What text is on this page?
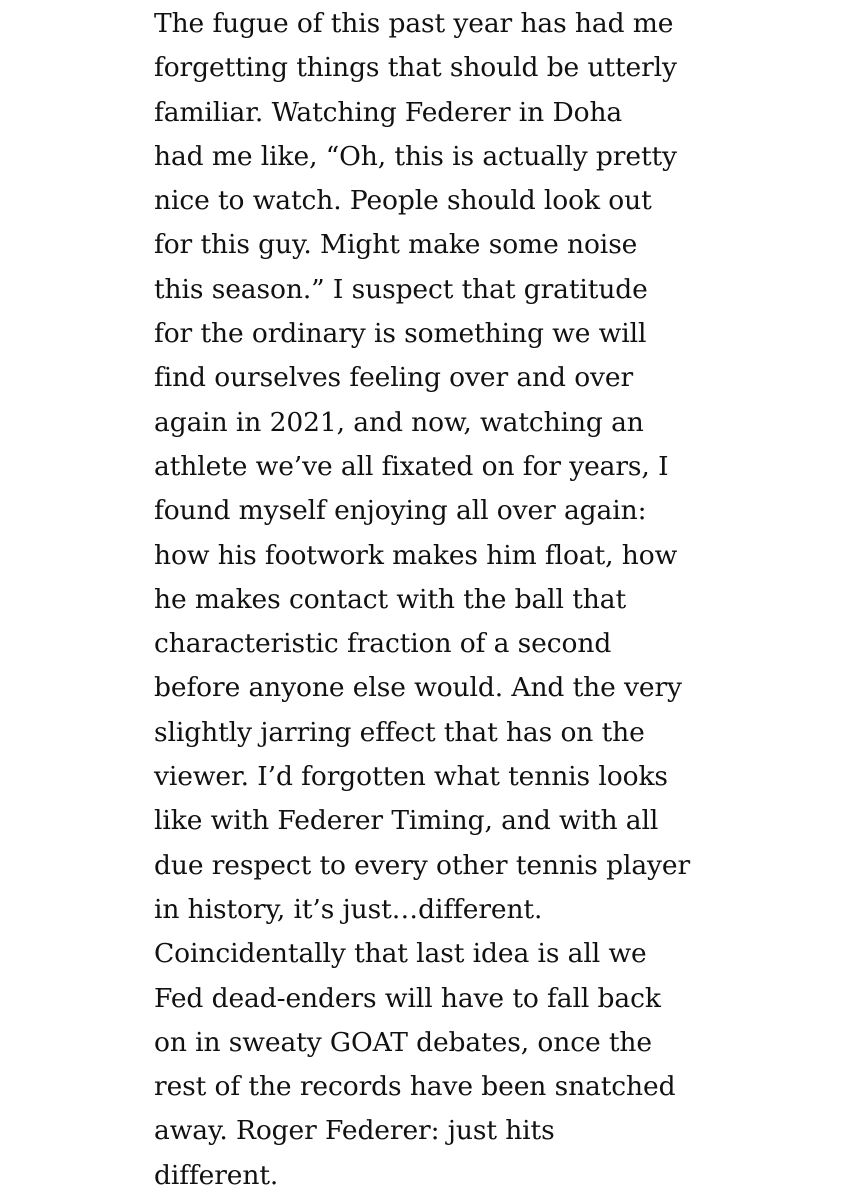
The fugue of this past year has had me
forgetting things that should be utterly
familiar. Watching Federer in Doha
had me like, “Oh, this is actually pretty
nice to watch. People should look out
for this guy. Might make some noise
this season.” I suspect that gratitude
for the ordinary is something we will
find ourselves feeling over and over
again in 2021, and now, watching an
athlete we’ve all fixated on for years, I
found myself enjoying all over again:
how his footwork makes him float, how
he makes contact with the ball that
characteristic fraction of a second
before anyone else would. And the very
slightly jarring effect that has on the
viewer. I’d forgotten what tennis looks
like with Federer Timing, and with all
due respect to every other tennis player
in history, it’s just…different.
Coincidentally that last idea is all we
Fed dead-enders will have to fall back
on in sweaty GOAT debates, once the
rest of the records have been snatched
away. Roger Federer: just hits
different.
